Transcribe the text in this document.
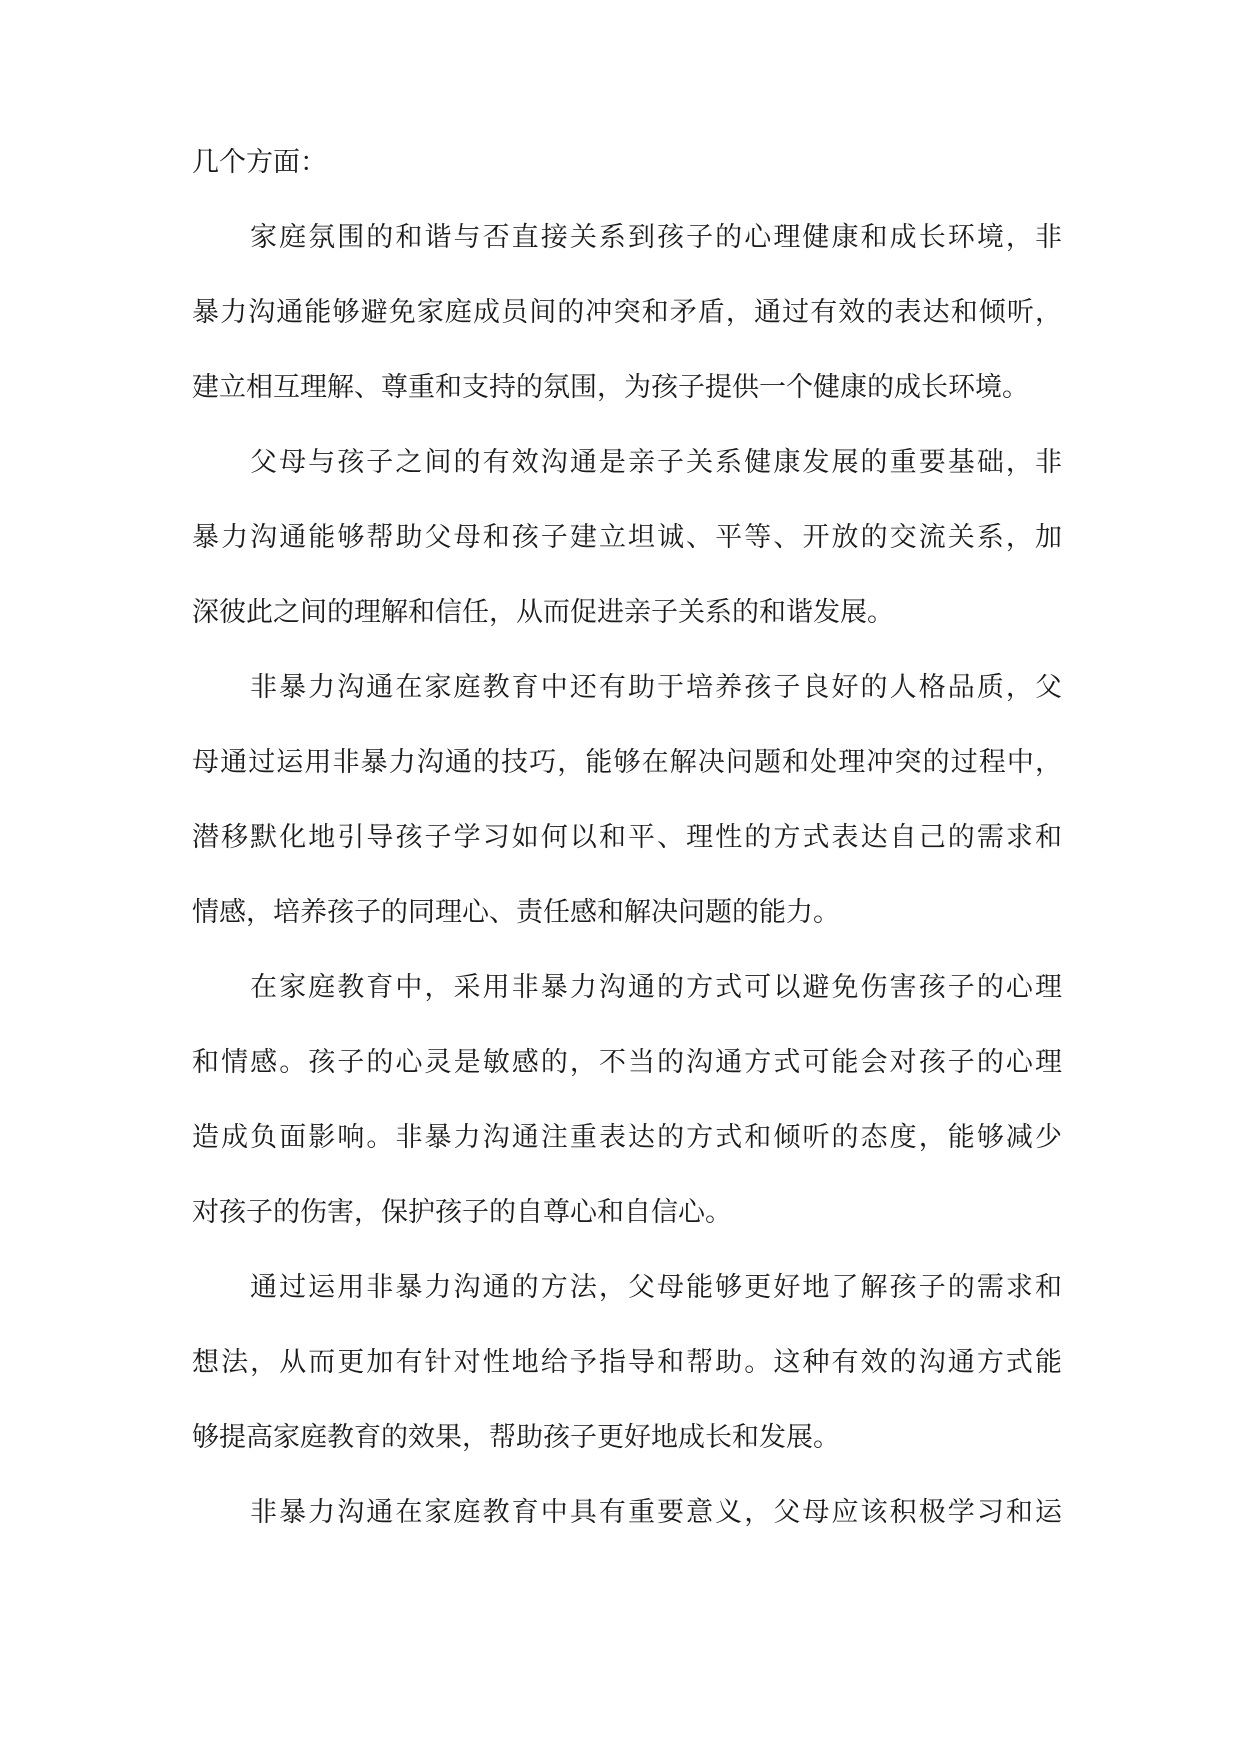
几个方面：

家庭氛围的和谐与否直接关系到孩子的心理健康和成长环境，非

暴力沟通能够避免家庭成员间的冲突和矛盾，通过有效的表达和倾听，

建立相互理解、尊重和支持的氛围，为孩子提供一个健康的成长环境。

父母与孩子之间的有效沟通是亲子关系健康发展的重要基础，非

暴力沟通能够帮助父母和孩子建立坦诚、平等、开放的交流关系，加

深彼此之间的理解和信任，从而促进亲子关系的和谐发展。

非暴力沟通在家庭教育中还有助于培养孩子良好的人格品质，父

母通过运用非暴力沟通的技巧，能够在解决问题和处理冲突的过程中，

潜移默化地引导孩子学习如何以和平、理性的方式表达自己的需求和

情感，培养孩子的同理心、责任感和解决问题的能力。

在家庭教育中，采用非暴力沟通的方式可以避免伤害孩子的心理

和情感。孩子的心灵是敏感的，不当的沟通方式可能会对孩子的心理

造成负面影响。非暴力沟通注重表达的方式和倾听的态度，能够减少

对孩子的伤害，保护孩子的自尊心和自信心。

通过运用非暴力沟通的方法，父母能够更好地了解孩子的需求和

想法，从而更加有针对性地给予指导和帮助。这种有效的沟通方式能

够提高家庭教育的效果，帮助孩子更好地成长和发展。

非暴力沟通在家庭教育中具有重要意义，父母应该积极学习和运
